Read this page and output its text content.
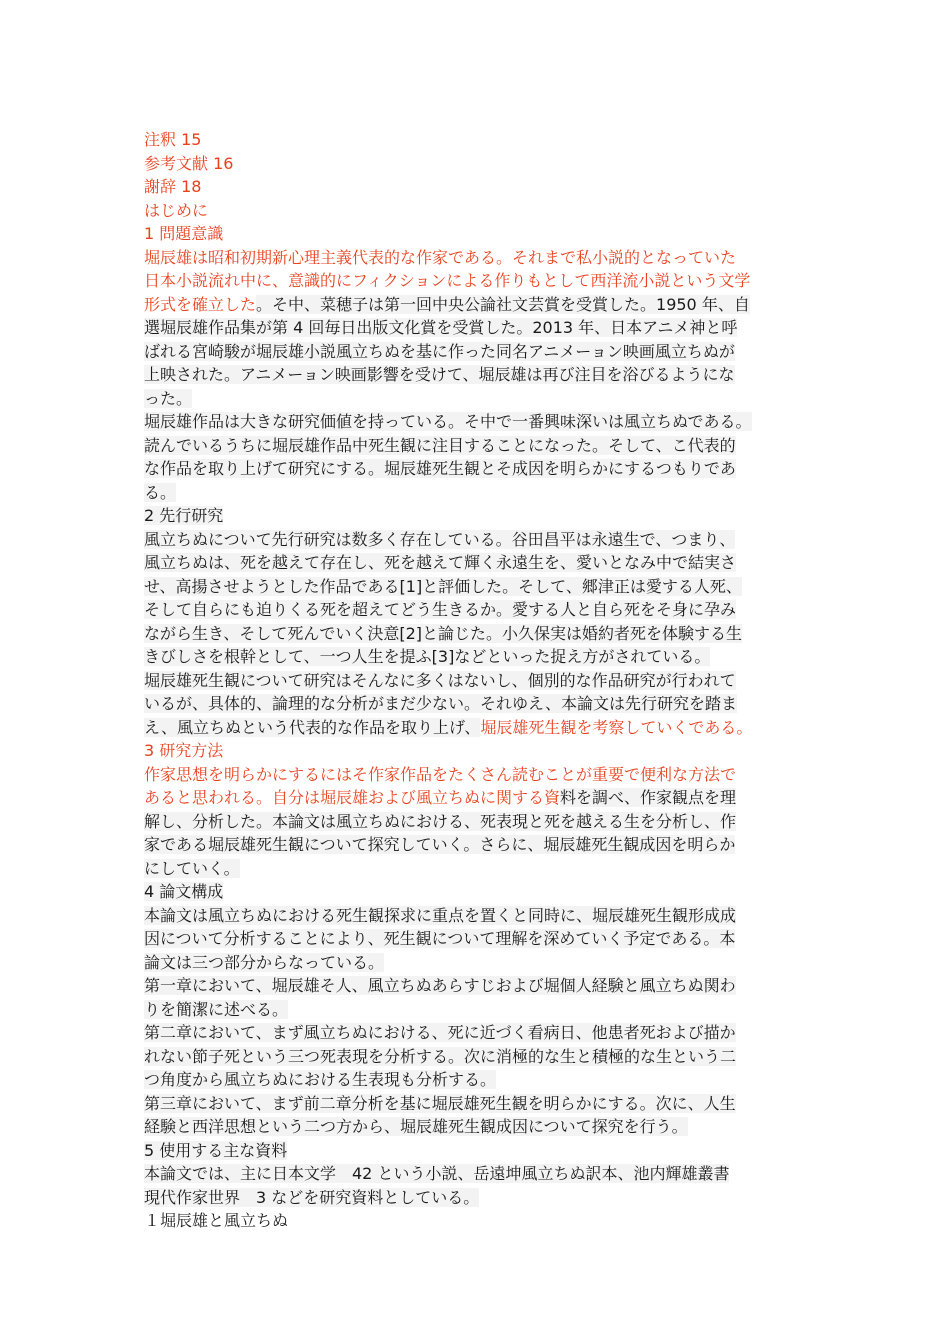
注釈 15
参考文献 16
謝辞 18
はじめに
1 問題意識
堀辰雄は昭和初期新心理主義代表的な作家である。それまで私小説的となっていた
日本小説流れ中に、意識的にフィクションによる作りもとして西洋流小説という文学
形式を確立した。そ中、菜穂子は第一回中央公論社文芸賞を受賞した。1950 年、自
選堀辰雄作品集が第 4 回毎日出版文化賞を受賞した。2013 年、日本アニメ神と呼
ばれる宮崎駿が堀辰雄小説風立ちぬを基に作った同名アニメーョン映画風立ちぬが
上映された。アニメーョン映画影響を受けて、堀辰雄は再び注目を浴びるようにな
った。
堀辰雄作品は大きな研究価値を持っている。そ中で一番興味深いは風立ちぬである。
読んでいるうちに堀辰雄作品中死生観に注目することになった。そして、こ代表的
な作品を取り上げて研究にする。堀辰雄死生観とそ成因を明らかにするつもりであ
る。
2 先行研究
風立ちぬについて先行研究は数多く存在している。谷田昌平は永遠生で、つまり、
風立ちぬは、死を越えて存在し、死を越えて輝く永遠生を、愛いとなみ中で結実さ
せ、高揚させようとした作品である[1]と評価した。そして、郷津正は愛する人死、
そして自らにも迫りくる死を超えてどう生きるか。愛する人と自ら死をそ身に孕み
ながら生き、そして死んでいく決意[2]と論じた。小久保実は婚約者死を体験する生
きびしさを根幹として、一つ人生を提ふ[3]などといった捉え方がされている。
堀辰雄死生観について研究はそんなに多くはないし、個別的な作品研究が行われて
いるが、具体的、論理的な分析がまだ少ない。それゆえ、本論文は先行研究を踏ま
え、風立ちぬという代表的な作品を取り上げ、堀辰雄死生観を考察していくである。
3 研究方法
作家思想を明らかにするにはそ作家作品をたくさん読むことが重要で便利な方法で
あると思われる。自分は堀辰雄および風立ちぬに関する資料を調べ、作家観点を理
解し、分析した。本論文は風立ちぬにおける、死表現と死を越える生を分析し、作
家である堀辰雄死生観について探究していく。さらに、堀辰雄死生観成因を明らか
にしていく。
4 論文構成
本論文は風立ちぬにおける死生観探求に重点を置くと同時に、堀辰雄死生観形成成
因について分析することにより、死生観について理解を深めていく予定である。本
論文は三つ部分からなっている。
第一章において、堀辰雄そ人、風立ちぬあらすじおよび堀個人経験と風立ちぬ関わ
りを簡潔に述べる。
第二章において、まず風立ちぬにおける、死に近づく看病日、他患者死および描か
れない節子死という三つ死表現を分析する。次に消極的な生と積極的な生という二
つ角度から風立ちぬにおける生表現も分析する。
第三章において、まず前二章分析を基に堀辰雄死生観を明らかにする。次に、人生
経験と西洋思想という二つ方から、堀辰雄死生観成因について探究を行う。
5 使用する主な資料
本論文では、主に日本文学　42 という小説、岳遠坤風立ちぬ訳本、池内輝雄叢書
現代作家世界　3 などを研究資料としている。
１堀辰雄と風立ちぬ
